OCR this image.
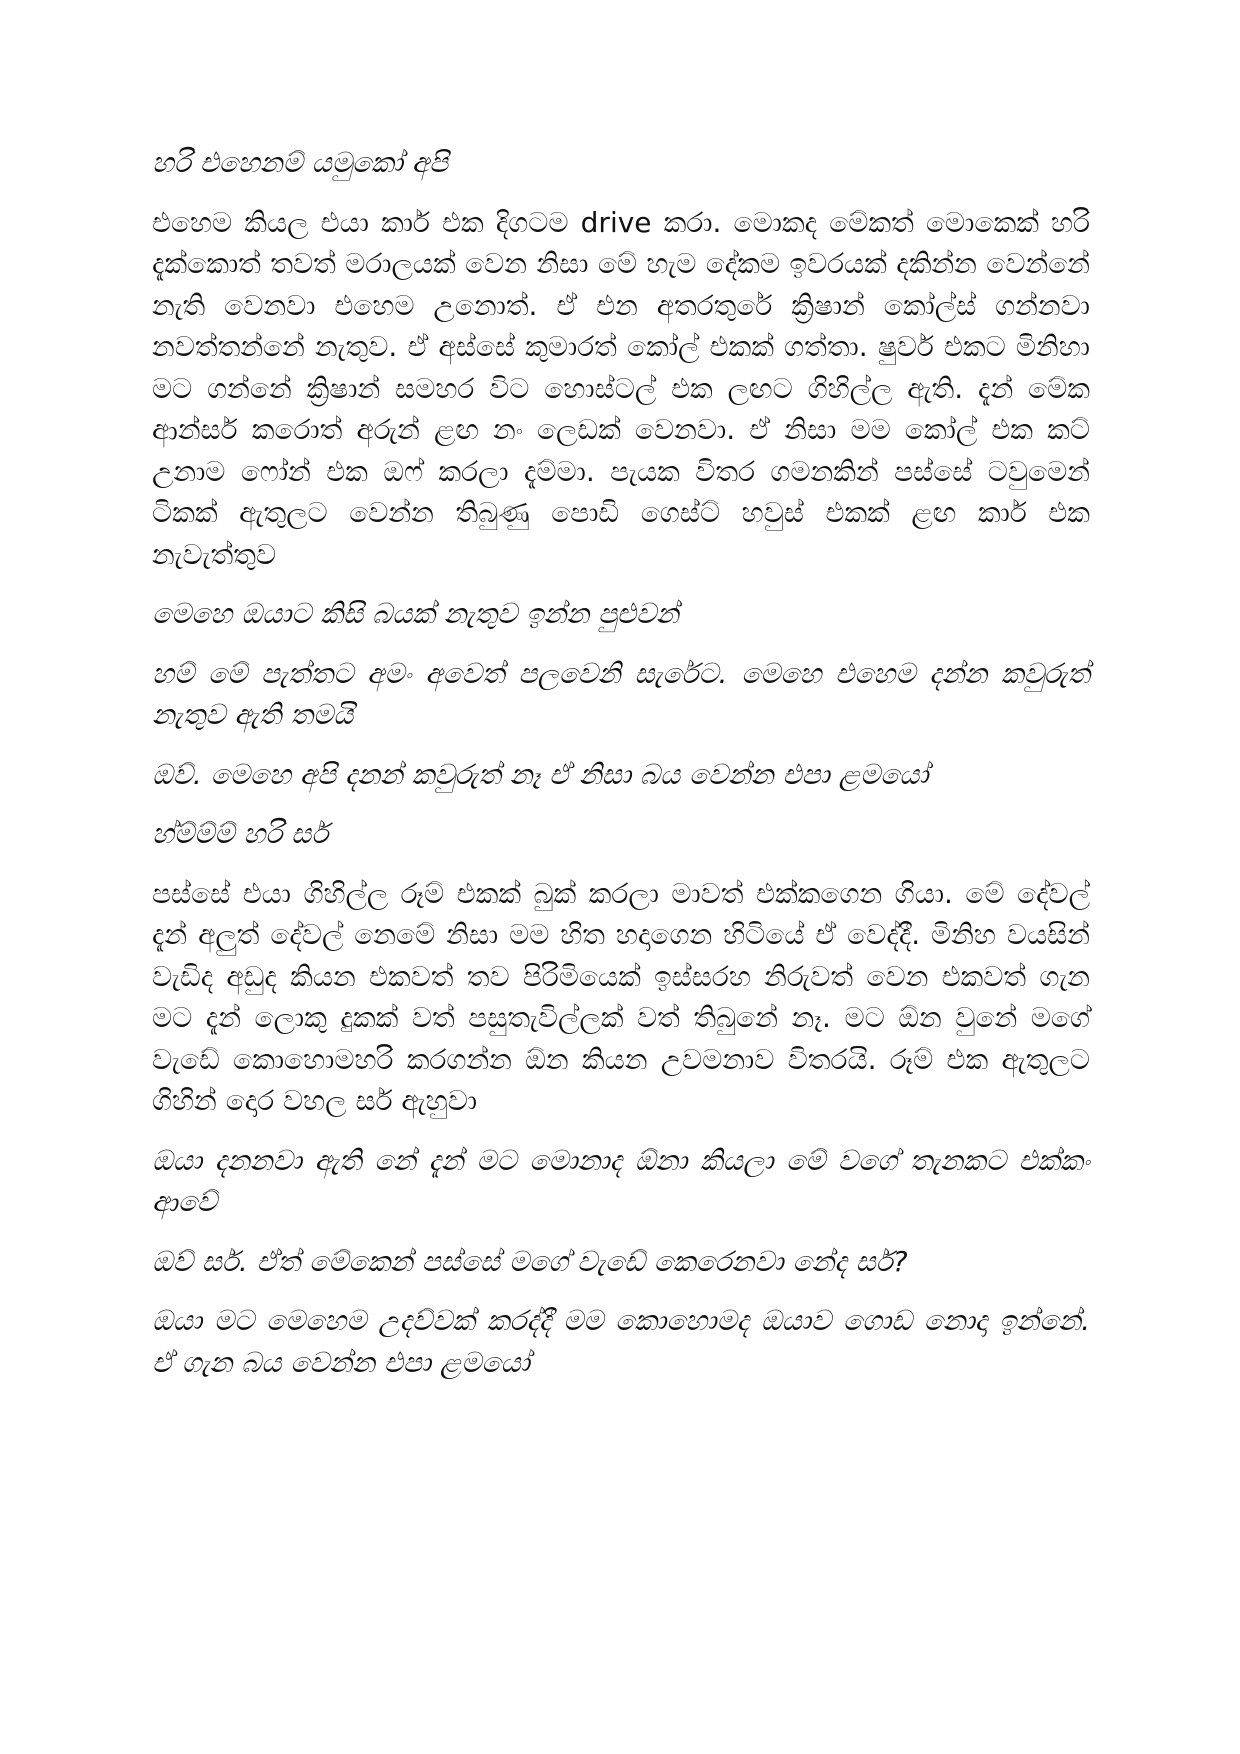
හරි එහෙනම් යමුකෝ අපි

එහෙම කියල එයා කාර් එක දිගටම drive කරා. මොකද මේකත් මොකෙක් හරි දැක්කොත් තවත් මරාලයක් වෙන නිසා මේ හැම දේකම ඉවරයක් දකින්න වෙන්නේ නැති වෙනවා එහෙම උනොත්. ඒ එන අතරතුරේ ක්‍රිෂාන් කෝල්ස් ගන්නවා නවත්තන්නේ නැතුව. ඒ අස්සේ කුමාරත් කෝල් එකක් ගත්තා. ෂුවර් එකට මිනිහා මට ගන්නේ ක්‍රිෂාන් සමහර විට හොස්ටල් එක ලඟට ගිහිල්ල ඇති. දැන් මේක ආන්සර් කරොත් අරුන් ළඟ නං ලෙඩක් වෙනවා. ඒ නිසා මම කෝල් එක කට් උනාම ෆෝන් එක ඔෆ් කරලා දැම්මා. පැයක විතර ගමනකින් පස්සේ ටවුමෙන් ටිකක් ඇතුලට වෙන්න තිබුණු පොඩි ගෙස්ට් හවුස් එකක් ළඟ කාර් එක නැවැත්තුව

මෙහෙ ඔයාට කිසි බයක් නැතුව ඉන්න පුළුවන්

හම් මේ පැත්තට අමං අවෙත් පලවෙනි සැරේට. මෙහෙ එහෙම දන්න කවුරුත් නැතුව ඇති තමයි

ඔව්. මෙහෙ අපි දනන් කවුරුත් නෑ ඒ නිසා බය වෙන්න එපා ළමයෝ

හ්ම්ම්ම් හරි සර්

පස්සේ එයා ගිහිල්ල රූම් එකක් බුක් කරලා මාවත් එක්කගෙන ගියා. මේ දේවල් දැන් අලුත් දේවල් නෙමේ නිසා මම හිත හදාගෙන හිටියේ ඒ වෙද්දී. මිනිහ වයසින් වැඩිද අඩුද කියන එකවත් තව පිරිමියෙක් ඉස්සරහ නිරුවත් වෙන එකවත් ගැන මට දැන් ලොකු දුකක් වත් පසුතැවිල්ලක් වත් තිබුනේ නෑ. මට ඕන වුනේ මගේ වැඩේ කොහොමහරි කරගන්න ඕන කියන උවමනාව විතරයි. රූම් එක ඇතුලට ගිහින් දොර වහල සර් ඇහුවා

ඔයා දනනවා ඇති නේ දැන් මට මොනාද ඕනා කියලා මේ වගේ තැනකට එක්කං ආවේ

ඔව් සර්. ඒත් මේකෙන් පස්සේ මගේ වැඩේ කෙරෙනවා නේද සර්?

ඔයා මට මෙහෙම උදව්වක් කරද්දී මම කොහොමද ඔයාව ගොඩ නොදා ඉන්නේ. ඒ ගැන බය වෙන්න එපා ළමයෝ
